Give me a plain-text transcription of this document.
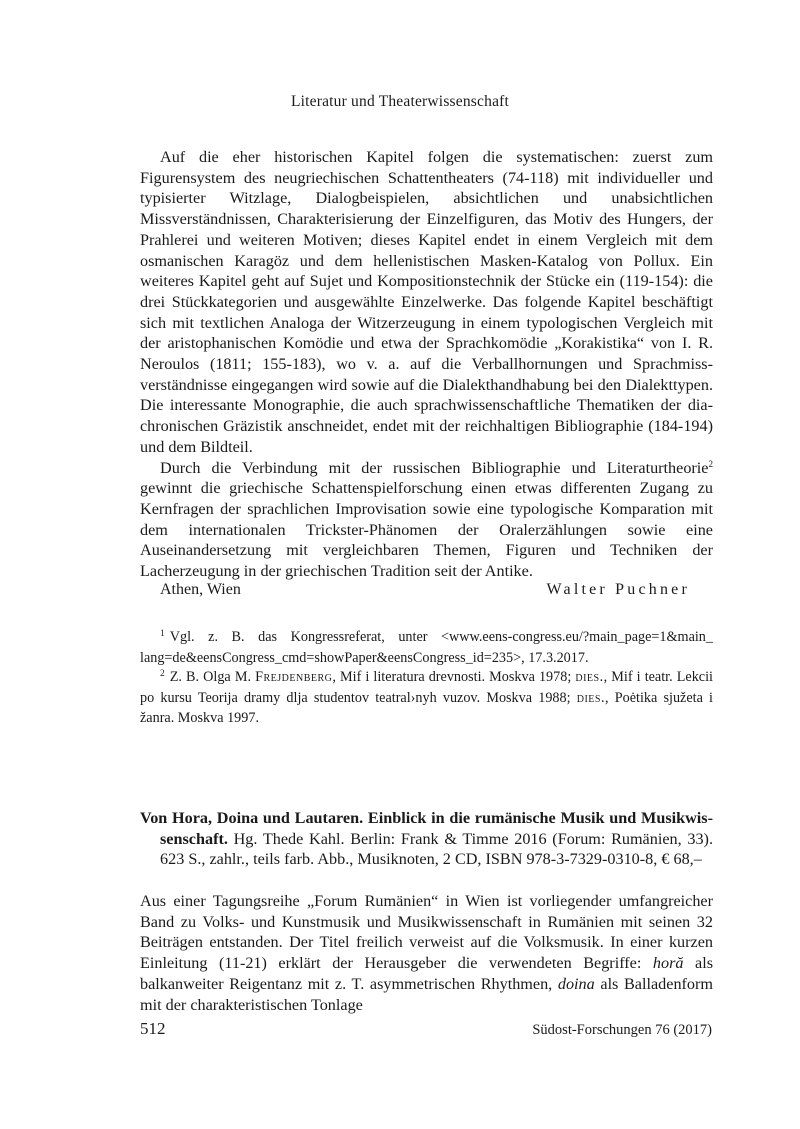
Literatur und Theaterwissenschaft

Auf die eher historischen Kapitel folgen die systematischen: zuerst zum Figurensystem des neugriechischen Schattentheaters (74-118) mit individueller und typisierter Witzlage, Dialogbeispielen, absichtlichen und unabsichtlichen Missverständnissen, Charakterisierung der Einzelfiguren, das Motiv des Hungers, der Prahlerei und weiteren Motiven; dieses Kapitel endet in einem Vergleich mit dem osmanischen Karagöz und dem hellenistischen Masken-Katalog von Pollux. Ein weiteres Kapitel geht auf Sujet und Kompositionstechnik der Stücke ein (119-154): die drei Stückkategorien und ausgewählte Einzelwerke. Das folgende Kapitel beschäftigt sich mit textlichen Analoga der Witzerzeugung in einem typologischen Vergleich mit der aristophanischen Komödie und etwa der Sprachkomödie „Korakistika“ von I. R. Neroulos (1811; 155-183), wo v. a. auf die Verballhornungen und Sprachmissverständnisse eingegangen wird sowie auf die Dialekthandhabung bei den Dialekttypen. Die interessante Monographie, die auch sprachwissenschaftliche Thematiken der diachronischen Gräzistik anschneidet, endet mit der reichhaltigen Bibliographie (184-194) und dem Bildteil.

Durch die Verbindung mit der russischen Bibliographie und Literaturtheorie$^2$ gewinnt die griechische Schattenspielforschung einen etwas differenten Zugang zu Kernfragen der sprachlichen Improvisation sowie eine typologische Komparation mit dem internationalen Trickster-Phänomen der Oralerzählungen sowie eine Auseinandersetzung mit vergleichbaren Themen, Figuren und Techniken der Lacherzeugung in der griechischen Tradition seit der Antike.

Athen, Wien	Walter Puchner

$^1$ Vgl. z. B. das Kongressreferat, unter <www.eens-congress.eu/?main_page=1&main_​lang=de&eensCongress_cmd=showPaper&eensCongress_id=235>, 17.3.2017.

$^2$ Z. B. Olga M. Frejdenberg, Mif i literatura drevnosti. Moskva 1978; dies., Mif i teatr. Lekcii po kursu Teorija dramy dlja studentov teatral›nyh vuzov. Moskva 1988; dies., Poėtika sjužeta i žanra. Moskva 1997.

Von Hora, Doina und Lautaren. Einblick in die rumänische Musik und Musikwissenschaft. Hg. Thede Kahl. Berlin: Frank & Timme 2016 (Forum: Rumänien, 33). 623 S., zahlr., teils farb. Abb., Musiknoten, 2 CD, ISBN 978-3-7329-0310-8, € 68,–

Aus einer Tagungsreihe „Forum Rumänien“ in Wien ist vorliegender umfangreicher Band zu Volks- und Kunstmusik und Musikwissenschaft in Rumänien mit seinen 32 Beiträgen entstanden. Der Titel freilich verweist auf die Volksmusik. In einer kurzen Einleitung (11-21) erklärt der Herausgeber die verwendeten Begriffe: horă als balkanweiter Reigentanz mit z. T. asymmetrischen Rhythmen, doina als Balladenform mit der charakteristischen Tonlage

512	Südost-Forschungen 76 (2017)
